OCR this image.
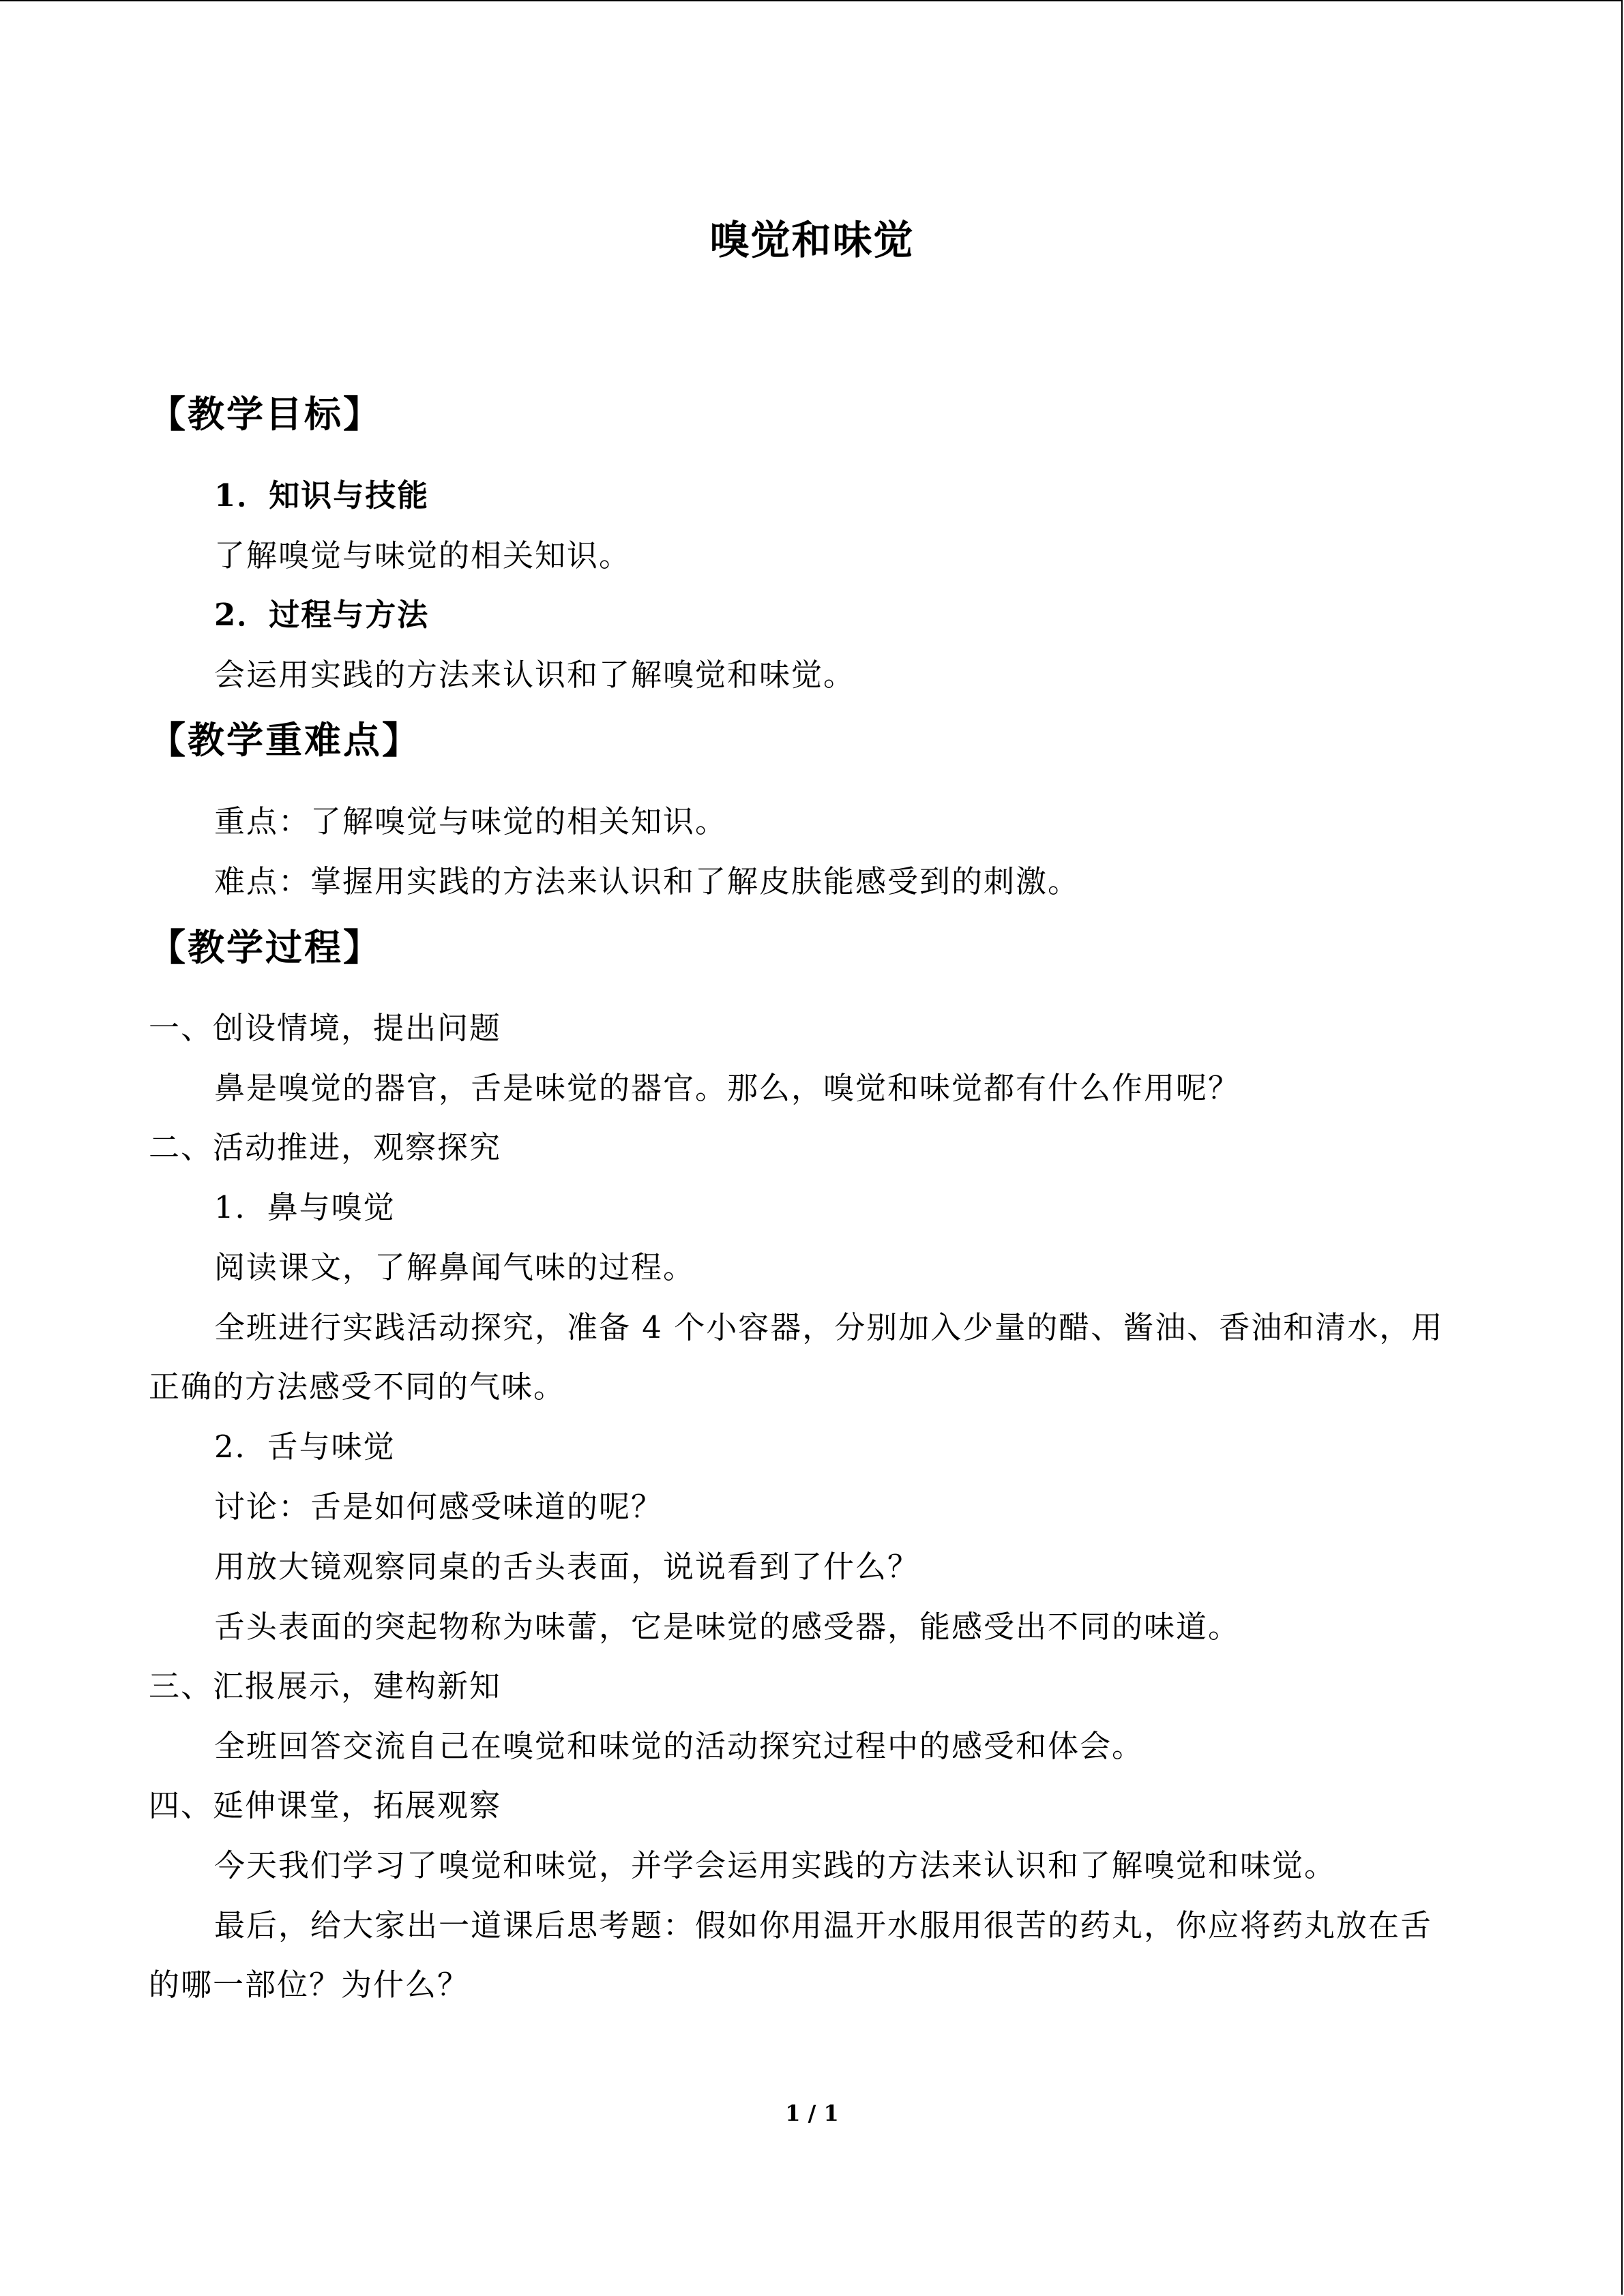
嗅觉和味觉
【教学目标】
1．知识与技能
了解嗅觉与味觉的相关知识。
2．过程与方法
会运用实践的方法来认识和了解嗅觉和味觉。
【教学重难点】
重点：了解嗅觉与味觉的相关知识。
难点：掌握用实践的方法来认识和了解皮肤能感受到的刺激。
【教学过程】
一、创设情境，提出问题
鼻是嗅觉的器官，舌是味觉的器官。那么，嗅觉和味觉都有什么作用呢？
二、活动推进，观察探究
1．鼻与嗅觉
阅读课文，了解鼻闻气味的过程。
全班进行实践活动探究，准备 4 个小容器，分别加入少量的醋、酱油、香油和清水，用
正确的方法感受不同的气味。
2．舌与味觉
讨论：舌是如何感受味道的呢？
用放大镜观察同桌的舌头表面，说说看到了什么？
舌头表面的突起物称为味蕾，它是味觉的感受器，能感受出不同的味道。
三、汇报展示，建构新知
全班回答交流自己在嗅觉和味觉的活动探究过程中的感受和体会。
四、延伸课堂，拓展观察
今天我们学习了嗅觉和味觉，并学会运用实践的方法来认识和了解嗅觉和味觉。
最后，给大家出一道课后思考题：假如你用温开水服用很苦的药丸，你应将药丸放在舌
的哪一部位？为什么？
1 / 1
